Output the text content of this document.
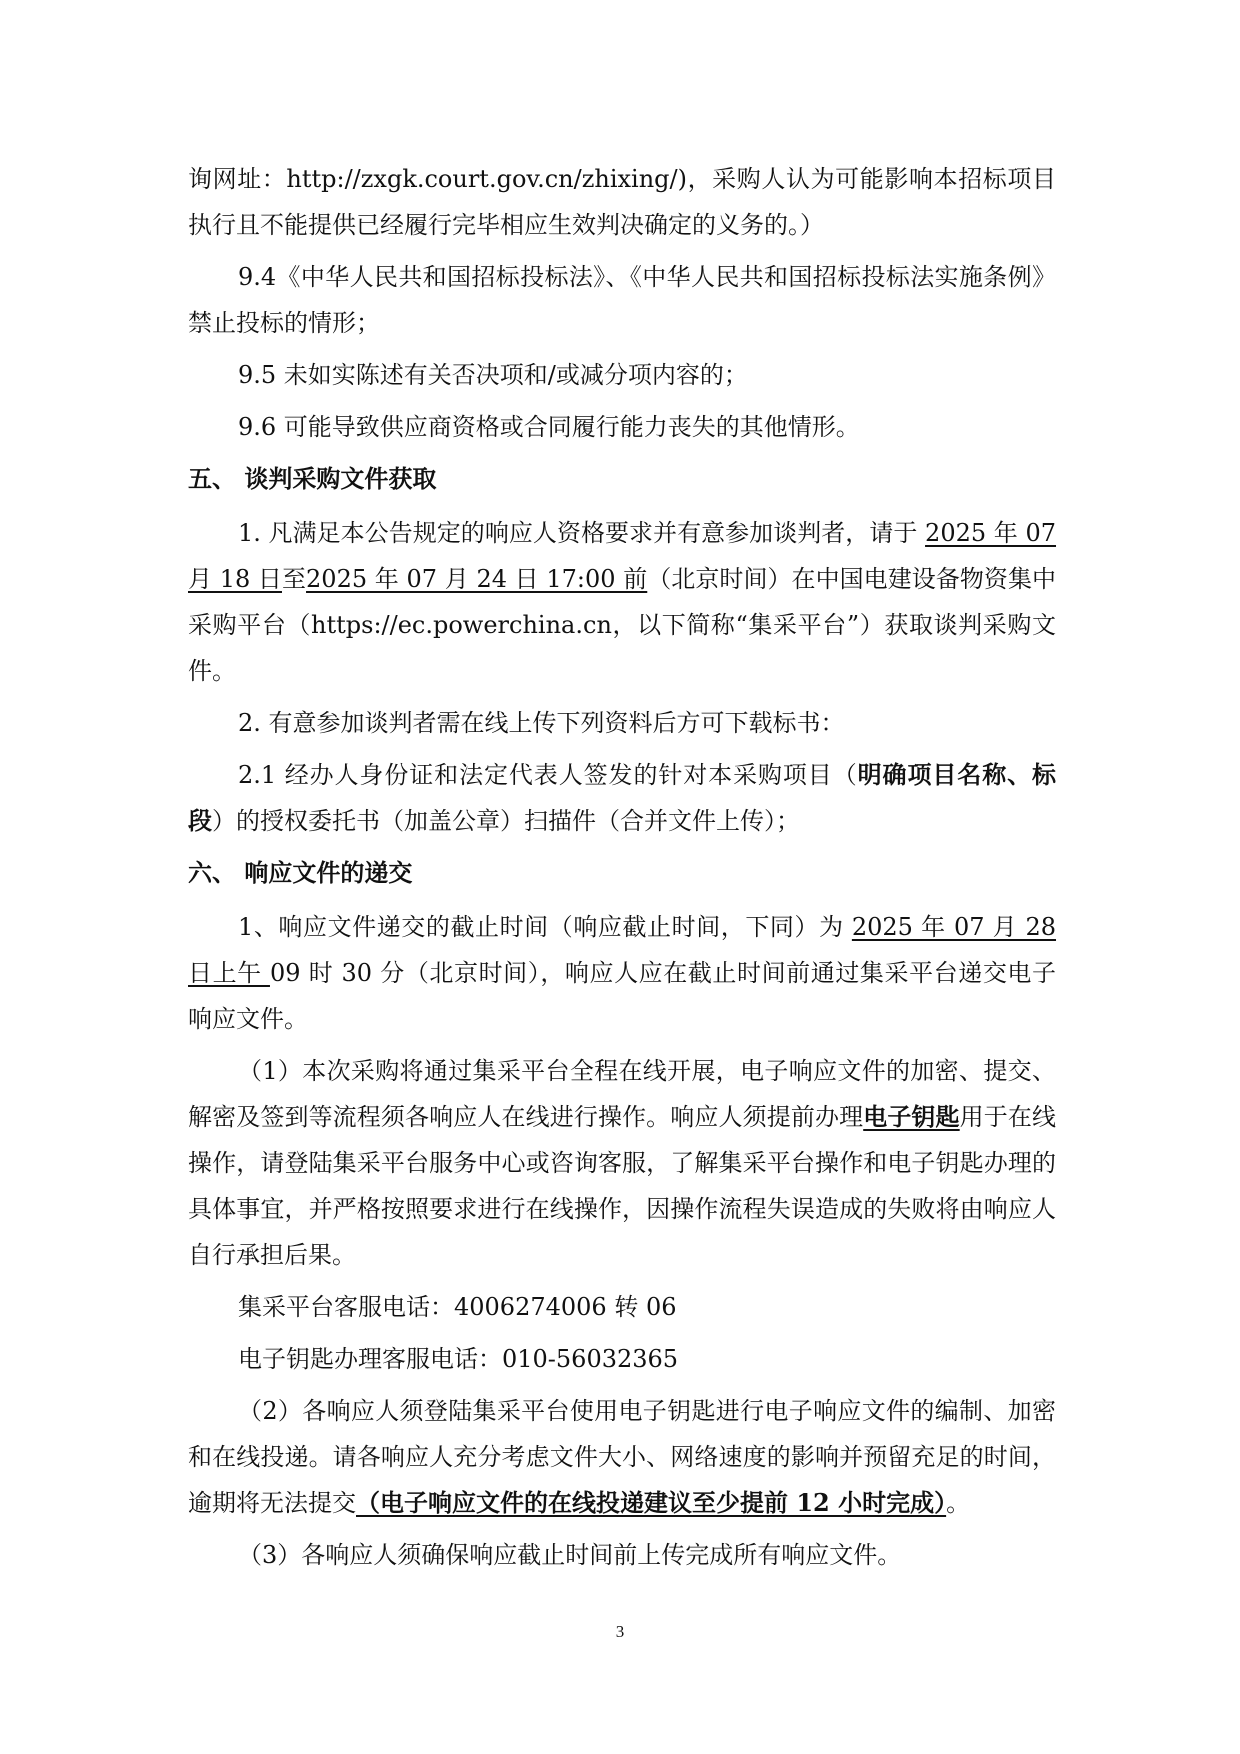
询网址：http://zxgk.court.gov.cn/zhixing/)，采购人认为可能影响本招标项目执行且不能提供已经履行完毕相应生效判决确定的义务的。）

9.4《中华人民共和国招标投标法》、《中华人民共和国招标投标法实施条例》禁止投标的情形；

9.5 未如实陈述有关否决项和/或减分项内容的；

9.6 可能导致供应商资格或合同履行能力丧失的其他情形。

五、 谈判采购文件获取

1. 凡满足本公告规定的响应人资格要求并有意参加谈判者，请于 2025 年 07 月 18 日至2025 年 07 月 24 日 17:00 前（北京时间）在中国电建设备物资集中采购平台（https://ec.powerchina.cn，以下简称“集采平台”）获取谈判采购文件。

2. 有意参加谈判者需在线上传下列资料后方可下载标书：

2.1 经办人身份证和法定代表人签发的针对本采购项目（明确项目名称、标段）的授权委托书（加盖公章）扫描件（合并文件上传）；

六、 响应文件的递交

1、响应文件递交的截止时间（响应截止时间，下同）为 2025 年 07 月 28 日上午 09 时 30 分（北京时间），响应人应在截止时间前通过集采平台递交电子响应文件。

（1）本次采购将通过集采平台全程在线开展，电子响应文件的加密、提交、解密及签到等流程须各响应人在线进行操作。响应人须提前办理电子钥匙用于在线操作，请登陆集采平台服务中心或咨询客服，了解集采平台操作和电子钥匙办理的具体事宜，并严格按照要求进行在线操作，因操作流程失误造成的失败将由响应人自行承担后果。

集采平台客服电话：4006274006 转 06

电子钥匙办理客服电话：010-56032365

（2）各响应人须登陆集采平台使用电子钥匙进行电子响应文件的编制、加密和在线投递。请各响应人充分考虑文件大小、网络速度的影响并预留充足的时间，逾期将无法提交（电子响应文件的在线投递建议至少提前 12 小时完成）。

（3）各响应人须确保响应截止时间前上传完成所有响应文件。

3
